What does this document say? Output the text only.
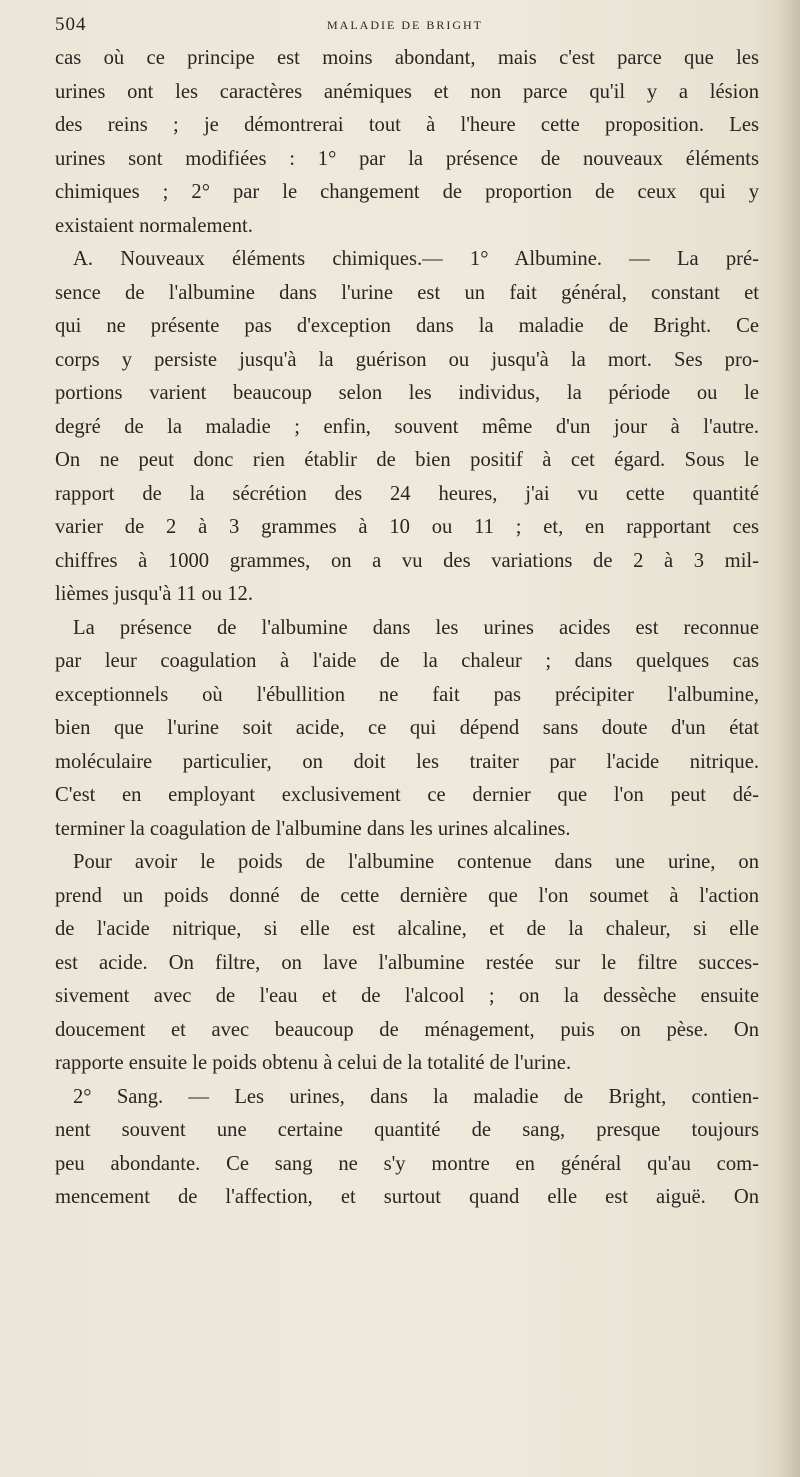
504	MALADIE DE BRIGHT
cas où ce principe est moins abondant, mais c'est parce que les
urines ont les caractères anémiques et non parce qu'il y a lésion
des reins ; je démontrerai tout à l'heure cette proposition. Les
urines sont modifiées : 1° par la présence de nouveaux éléments
chimiques ; 2° par le changement de proportion de ceux qui y
existaient normalement.
A. Nouveaux éléments chimiques.— 1° Albumine. — La pré-
sence de l'albumine dans l'urine est un fait général, constant et
qui ne présente pas d'exception dans la maladie de Bright. Ce
corps y persiste jusqu'à la guérison ou jusqu'à la mort. Ses pro-
portions varient beaucoup selon les individus, la période ou le
degré de la maladie ; enfin, souvent même d'un jour à l'autre.
On ne peut donc rien établir de bien positif à cet égard. Sous le
rapport de la sécrétion des 24 heures, j'ai vu cette quantité
varier de 2 à 3 grammes à 10 ou 11 ; et, en rapportant ces
chiffres à 1000 grammes, on a vu des variations de 2 à 3 mil-
lièmes jusqu'à 11 ou 12.
La présence de l'albumine dans les urines acides est reconnue
par leur coagulation à l'aide de la chaleur ; dans quelques cas
exceptionnels où l'ébullition ne fait pas précipiter l'albumine,
bien que l'urine soit acide, ce qui dépend sans doute d'un état
moléculaire particulier, on doit les traiter par l'acide nitrique.
C'est en employant exclusivement ce dernier que l'on peut dé-
terminer la coagulation de l'albumine dans les urines alcalines.
Pour avoir le poids de l'albumine contenue dans une urine, on
prend un poids donné de cette dernière que l'on soumet à l'action
de l'acide nitrique, si elle est alcaline, et de la chaleur, si elle
est acide. On filtre, on lave l'albumine restée sur le filtre succes-
sivement avec de l'eau et de l'alcool ; on la dessèche ensuite
doucement et avec beaucoup de ménagement, puis on pèse. On
rapporte ensuite le poids obtenu à celui de la totalité de l'urine.
2° Sang. — Les urines, dans la maladie de Bright, contien-
nent souvent une certaine quantité de sang, presque toujours
peu abondante. Ce sang ne s'y montre en général qu'au com-
mencement de l'affection, et surtout quand elle est aiguë. On
